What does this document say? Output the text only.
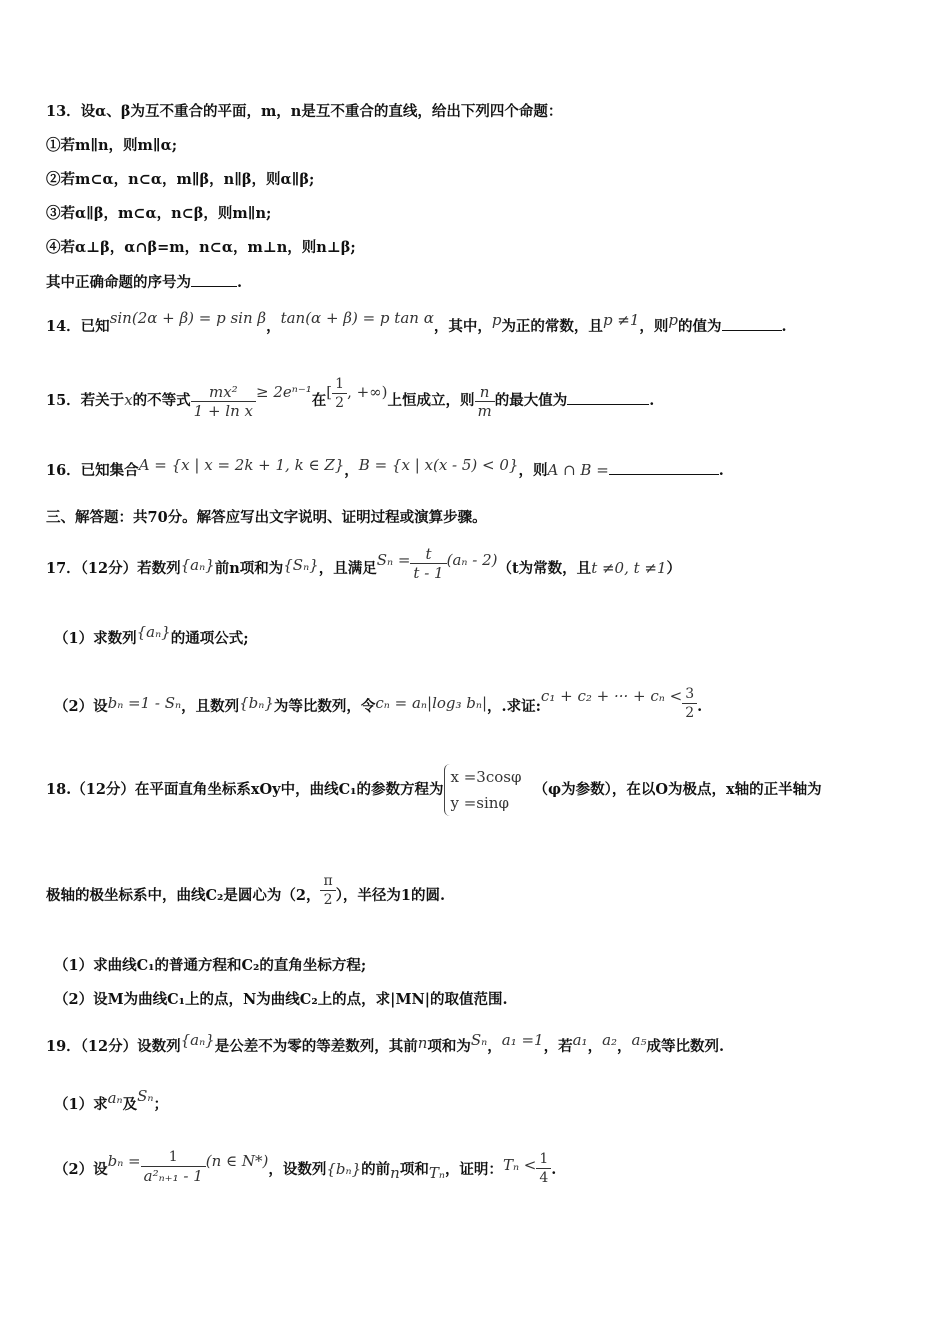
13．设α、β为互不重合的平面，m，n是互不重合的直线，给出下列四个命题：
①若m∥n，则m∥α;
②若m⊂α，n⊂α，m∥β，n∥β，则α∥β;
③若α∥β，m⊂α，n⊂β，则m∥n;
④若α⊥β，α∩β=m，n⊂α，m⊥n，则n⊥β;
其中正确命题的序号为	.
14．已知sin(2α + β) = p sin β，tan(α + β) = p tan α，其中，p为正的常数，且p ≠1，则p的值为	.
15．若关于x的不等式 $\frac{\text{mx²}}{\text{1 + ln x}} \ge 2e^{n-1}$在[ $\frac{1}{2}$ , +∞)上恒成立，则 $\frac{n}{m}$ 的最大值为	.
16．已知集合A = {x | x = 2k + 1, k ∈ Z}，B = {x | x(x - 5) < 0}，则A ∩ B =	.
三、解答题：共70分。解答应写出文字说明、证明过程或演算步骤。
17．（12分）若数列{aₙ}前n项和为{Sₙ}，且满足$S_n = \frac{t}{t - 1} (a_n - 2)(t$为常数，且t ≠0, t ≠1）
（1）求数列{aₙ}的通项公式;
（2）设bₙ =1 - Sₙ，且数列{bₙ}为等比数列，令cₙ = aₙ|log₃ bₙ|，.求证:c₁ + c₂ + ··· + $c_n < \frac{3}{2}$ .
18.（12分）在平面直角坐标系xOy中，曲线C₁的参数方程为
x =3cosφ
y =sinφ
（φ为参数），在以O为极点，x轴的正半轴为
极轴的极坐标系中，曲线C₂是圆心为（2， $\frac{\pi}{2}$ ），半径为1的圆.
（1）求曲线C₁的普通方程和C₂的直角坐标方程;
（2）设M为曲线C₁上的点，N为曲线C₂上的点，求|MN|的取值范围.
19．（12分）设数列{aₙ}是公差不为零的等差数列，其前n项和为Sₙ，a₁ =1，若a₁，a₂，a₅成等比数列.
（1）求aₙ及Sₙ；
（2）设$b_n = \frac{1}{\text{a²ₙ₊₁ - 1}} (n$ ∈ N*)，设数列{bₙ}的前n项和Tₙ，证明：$T_n < \frac{1}{4}$ .
